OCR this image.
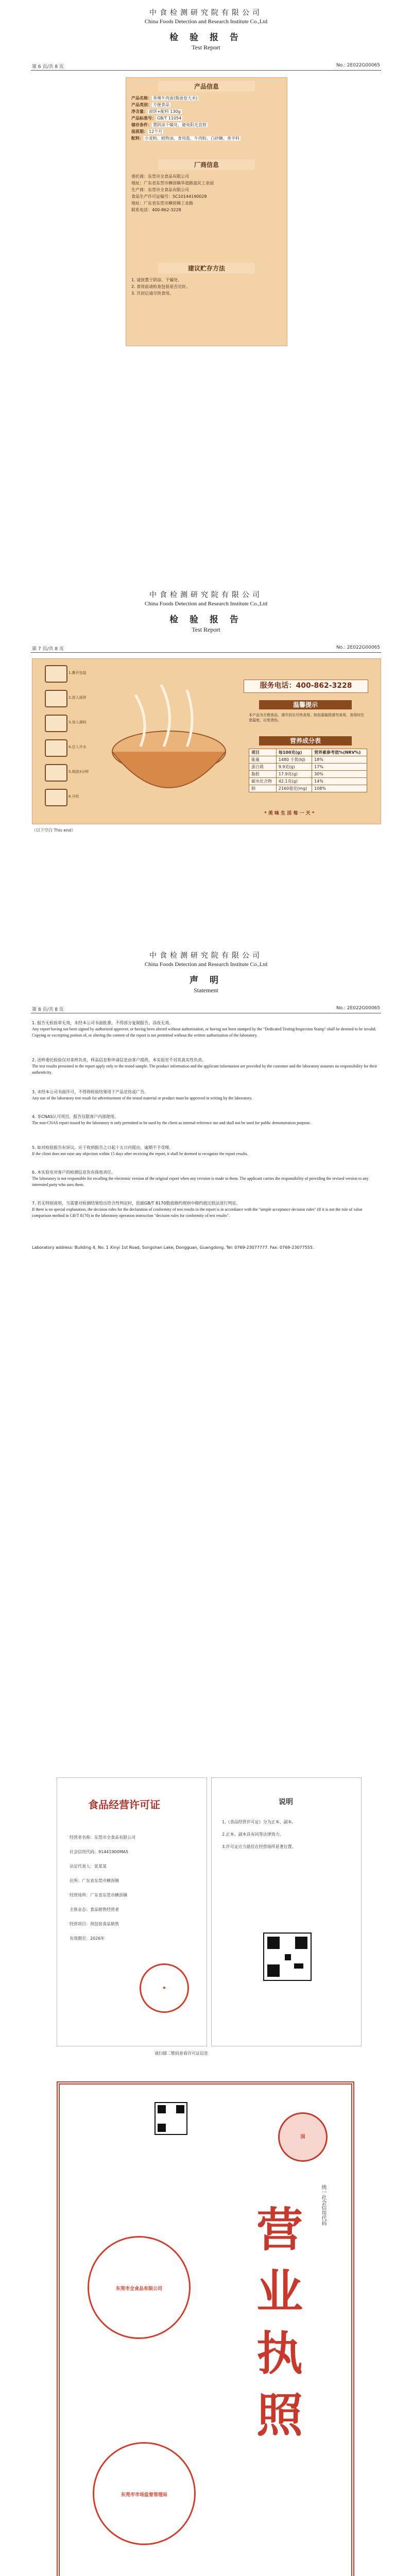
中食检测研究院有限公司
China Foods Detection and Research Institute Co.,Ltd
检 验 报 告
Test Report
第 6 页/共 8 页	No.: 2E022G00065
产品信息
产品名称： 香辣牛肉面(酱面卷大米)
产品类别： 方便食品
净含量： 面饼+配料 130g
产品标准号： GB/T 11054
储存条件： 置阴凉干燥处，避免阳光直射
保质期： 12个月
配料： 小麦粉、植物油、食用盐、牛肉粉、白砂糖、香辛料
厂商信息
委托商：东莞市全食品有限公司
地址：广东省东莞市横沥镇华道路富民工业园
生产商：东莞市全食品有限公司
食品生产许可证编号：SC10144190028
地址：广东省东莞市横沥镇工业路
联系电话：400-862-3228
建议贮存方法
1. 请放置于阴凉、干燥处。
2. 食用前请检查包装是否完好。
3. 开封后请尽快食用。
中食检测研究院有限公司
China Foods Detection and Research Institute Co.,Ltd
检 验 报 告
Test Report
第 7 页/共 8 页	No.: 2E022G00065
1.撕开包装
2.放入面饼
3.加入调料
4.注入开水
5.焖泡3分钟
6.开吃
服务电话：400-862-3228
温馨提示
本产品为方便食品，请开封后尽快食用。如包装破损请勿食用，食用时注意温度，以免烫伤。
营养成分表
项目	每100克(g)	营养素参考值%(NRV%)
能量	1480 千焦(kJ)	18%
蛋白质	9.9克(g)	17%
脂肪	17.9克(g)	30%
碳水化合物	42.1克(g)	14%
钠	2160毫克(mg)	108%
* 美 味 生 活 每 一 天 *
（以下空白 This end）
中食检测研究院有限公司
China Foods Detection and Research Institute Co.,Ltd
声 明
Statement
第 8 页/共 8 页	No.: 2E022G00065
1. 报告无检验章无效，未经本公司书面批准，不得部分复制报告，涂改无效。
Any report having not been signed by authorized approver, or having been altered without authorization, or having not been stamped by the "Dedicated Testing/Inspection Stamp" shall be deemed to be invalid. Copying or excerpting portion of, or altering the content of the report is not permitted without the written authorization of the laboratory.
2. 送样委托检验仅对来样负责，样品信息和申请信息由客户提供，本实验室不对其真实性负责。
The test results presented in the report apply only to the tested sample. The product information and the applicant information are provided by the customer and the laboratory assumes no responsibility for their authenticity.
3. 未经本公司书面许可，不得将检验结果用于产品宣传或广告。
Any use of the laboratory test result for advertisement of the tested material or product must be approved in writing by the laboratory.
4. 非CNAS认可项目，报告仅限客户内部使用。
The non-CNAS report issued by the laboratory is only permitted to be used by the client as internal reference use and shall not be used for public demonstration purpose.
5. 如对检验报告有异议，应于收到报告之日起十五日内提出，逾期不予受理。
If the client does not raise any objection within 15 days after receiving the report, it shall be deemed to recognize the report results.
6. 本实验室对客户的检测信息负有保密责任。
The laboratory is not responsible for recalling the electronic version of the original report when any revision is made to them. The applicant carries the responsibility of providing the revised version to any interested party who uses them.
7. 若无特别说明，当需要对检测结果给出符合性判定时，依据GB/T 8170数值修约规则中修约值比较法进行判定。
If there is no special explanation, the decision rules for the declaration of conformity of test results in the report is in accordance with the "simple acceptance decision rules" (If it is not the rule of value comparison method in GB/T 8170) in the laboratory operation instruction "decision rules for conformity of test results".
Laboratory address: Building 4, No. 1 Xinyi 1st Road, Songshan Lake, Dongguan, Guangdong. Tel: 0769-23077777. Fax: 0769-23077555.
食品经营许可证
经营者名称：东莞市全食品有限公司
社会信用代码：91441900MA5
法定代表人：张某某
住所：广东省东莞市横沥镇
经营场所：广东省东莞市横沥镇
主体业态：食品销售经营者
经营项目：预包装食品销售
有效期至：2026年
★
说明
1.《食品经营许可证》分为正本、副本。
2.正本、副本具有同等法律效力。
3.许可证应当悬挂在经营场所显著位置。
请扫描二维码查看许可证信息
营业执照
国
东莞市全食品有限公司
东莞市市场监督管理局
统一社会信用代码
